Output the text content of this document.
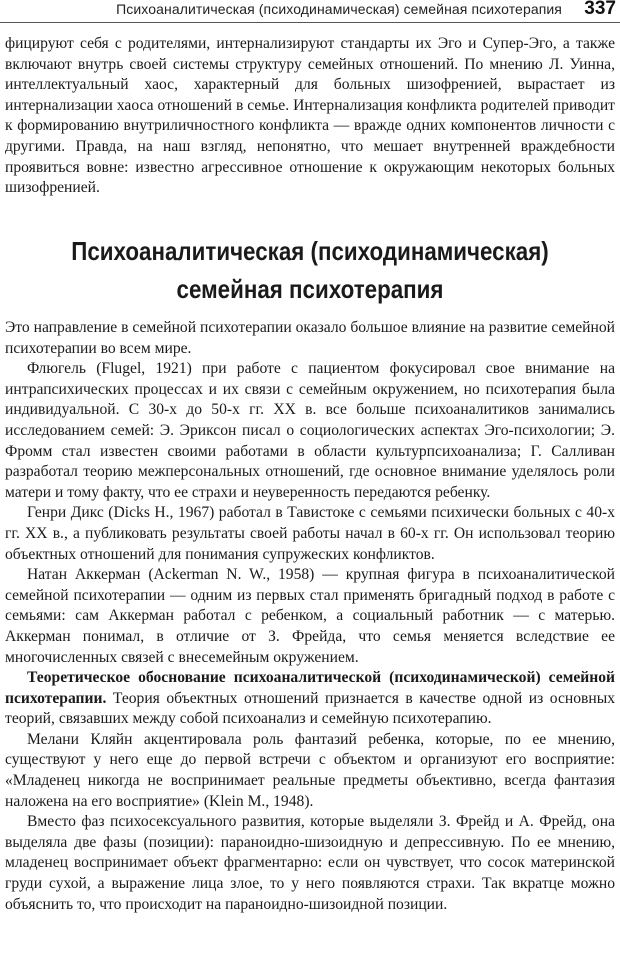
Психоаналитическая (психодинамическая) семейная психотерапия 337

фицируют себя с родителями, интернализируют стандарты их Эго и Супер-Эго, а также включают внутрь своей системы структуру семейных отношений. По мнению Л. Уинна, интеллектуальный хаос, характерный для больных шизофренией, вырастает из интернализации хаоса отношений в семье. Интернализация конфликта родителей приводит к формированию внутриличностного конфликта — вражде одних компонентов личности с другими. Правда, на наш взгляд, непонятно, что мешает внутренней враждебности проявиться вовне: известно агрессивное отношение к окружающим некоторых больных шизофренией.

Психоаналитическая (психодинамическая)
семейная психотерапия

Это направление в семейной психотерапии оказало большое влияние на развитие семейной психотерапии во всем мире.

Флюгель (Flugel, 1921) при работе с пациентом фокусировал свое внимание на интрапсихических процессах и их связи с семейным окружением, но психотерапия была индивидуальной. С 30-х до 50-х гг. XX в. все больше психоаналитиков занимались исследованием семей: Э. Эриксон писал о социологических аспектах Эго-психологии; Э. Фромм стал известен своими работами в области культурпсихоанализа; Г. Салливан разработал теорию межперсональных отношений, где основное внимание уделялось роли матери и тому факту, что ее страхи и неуверенность передаются ребенку.

Генри Дикс (Dicks H., 1967) работал в Тавистоке с семьями психически больных с 40-х гг. XX в., а публиковать результаты своей работы начал в 60-х гг. Он использовал теорию объектных отношений для понимания супружеских конфликтов.

Натан Аккерман (Ackerman N. W., 1958) — крупная фигура в психоаналитической семейной психотерапии — одним из первых стал применять бригадный подход в работе с семьями: сам Аккерман работал с ребенком, а социальный работник — с матерью. Аккерман понимал, в отличие от З. Фрейда, что семья меняется вследствие ее многочисленных связей с внесемейным окружением.

Теоретическое обоснование психоаналитической (психодинамической) семейной психотерапии. Теория объектных отношений признается в качестве одной из основных теорий, связавших между собой психоанализ и семейную психотерапию.

Мелани Кляйн акцентировала роль фантазий ребенка, которые, по ее мнению, существуют у него еще до первой встречи с объектом и организуют его восприятие: «Младенец никогда не воспринимает реальные предметы объективно, всегда фантазия наложена на его восприятие» (Klein M., 1948).

Вместо фаз психосексуального развития, которые выделяли З. Фрейд и А. Фрейд, она выделяла две фазы (позиции): параноидно-шизоидную и депрессивную. По ее мнению, младенец воспринимает объект фрагментарно: если он чувствует, что сосок материнской груди сухой, а выражение лица злое, то у него появляются страхи. Так вкратце можно объяснить то, что происходит на параноидно-шизоидной позиции.
